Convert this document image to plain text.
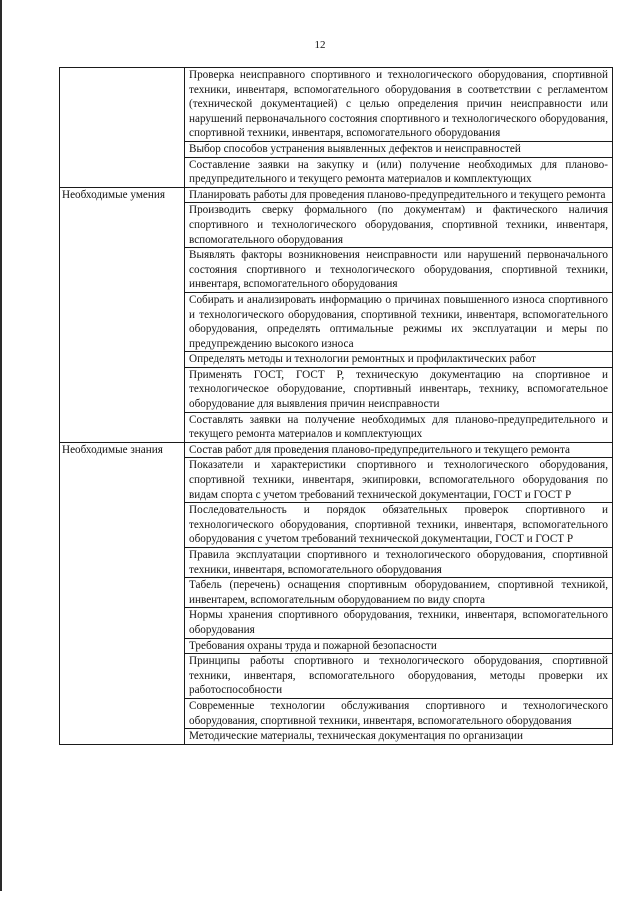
12
	Проверка неисправного спортивного и технологического оборудования, спортивной техники, инвентаря, вспомогательного оборудования в соответствии с регламентом (технической документацией) с целью определения причин неисправности или нарушений первоначального состояния спортивного и технологического оборудования, спортивной техники, инвентаря, вспомогательного оборудования
	Выбор способов устранения выявленных дефектов и неисправностей
	Составление заявки на закупку и (или) получение необходимых для планово-предупредительного и текущего ремонта материалов и комплектующих
Необходимые умения	Планировать работы для проведения планово-предупредительного и текущего ремонта
	Производить сверку формального (по документам) и фактического наличия спортивного и технологического оборудования, спортивной техники, инвентаря, вспомогательного оборудования
	Выявлять факторы возникновения неисправности или нарушений первоначального состояния спортивного и технологического оборудования, спортивной техники, инвентаря, вспомогательного оборудования
	Собирать и анализировать информацию о причинах повышенного износа спортивного и технологического оборудования, спортивной техники, инвентаря, вспомогательного оборудования, определять оптимальные режимы их эксплуатации и меры по предупреждению высокого износа
	Определять методы и технологии ремонтных и профилактических работ
	Применять ГОСТ, ГОСТ Р, техническую документацию на спортивное и технологическое оборудование, спортивный инвентарь, технику, вспомогательное оборудование для выявления причин неисправности
	Составлять заявки на получение необходимых для планово-предупредительного и текущего ремонта материалов и комплектующих
Необходимые знания	Состав работ для проведения планово-предупредительного и текущего ремонта
	Показатели и характеристики спортивного и технологического оборудования, спортивной техники, инвентаря, экипировки, вспомогательного оборудования по видам спорта с учетом требований технической документации, ГОСТ и ГОСТ Р
	Последовательность и порядок обязательных проверок спортивного и технологического оборудования, спортивной техники, инвентаря, вспомогательного оборудования с учетом требований технической документации, ГОСТ и ГОСТ Р
	Правила эксплуатации спортивного и технологического оборудования, спортивной техники, инвентаря, вспомогательного оборудования
	Табель (перечень) оснащения спортивным оборудованием, спортивной техникой, инвентарем, вспомогательным оборудованием по виду спорта
	Нормы хранения спортивного оборудования, техники, инвентаря, вспомогательного оборудования
	Требования охраны труда и пожарной безопасности
	Принципы работы спортивного и технологического оборудования, спортивной техники, инвентаря, вспомогательного оборудования, методы проверки их работоспособности
	Современные технологии обслуживания спортивного и технологического оборудования, спортивной техники, инвентаря, вспомогательного оборудования
	Методические материалы, техническая документация по организации
